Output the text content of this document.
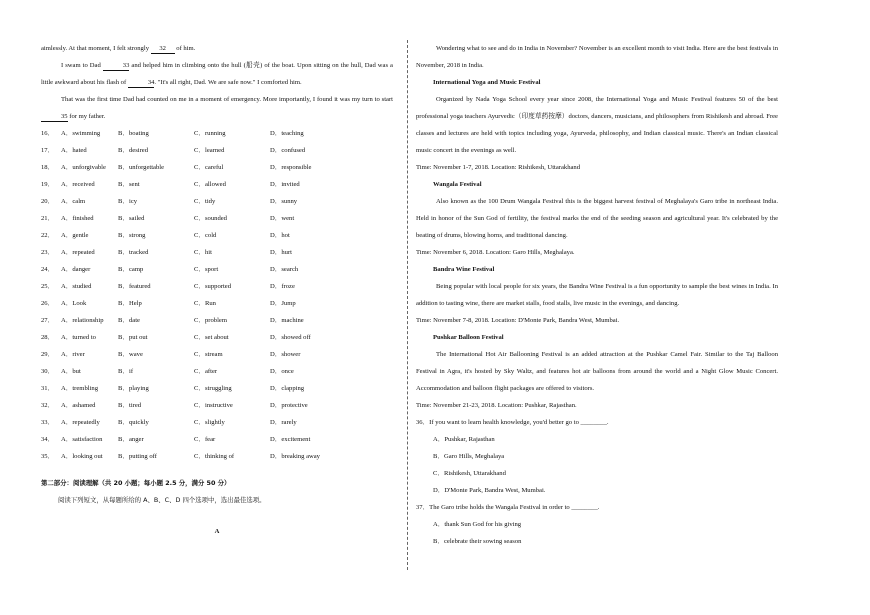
aimlessly. At that moment, I felt strongly 32 of him.

I swam to Dad	33 and helped him in climbing onto the hull (船壳) of the boat. Upon sitting on the hull, Dad was a little awkward about his flash of	34. "It's all right, Dad. We are safe now." I comforted him.

That was the first time Dad had counted on me in a moment of emergency. More importantly, I found it was my turn to start 35 for my father.

16．	A．swimming	B．boating	C．running	D．teaching
17．	A．hated	B．desired	C．learned	D．confused
18．	A．unforgivable	B．unforgettable	C．careful	D．responsible
19．	A．received	B．sent	C．allowed	D．invited
20．	A．calm	B．icy	C．tidy	D．sunny
21．	A．finished	B．sailed	C．sounded	D．went
22．	A．gentle	B．strong	C．cold	D．hot
23．	A．repeated	B．tracked	C．hit	D．hurt
24．	A．danger	B．camp	C．sport	D．search
25．	A．studied	B．featured	C．supported	D．froze
26．	A．Look	B．Help	C．Run	D．Jump
27．	A．relationship	B．date	C．problem	D．machine
28．	A．turned to	B．put out	C．set about	D．showed off
29．	A．river	B．wave	C．stream	D．shower
30．	A．but	B．if	C．after	D．once
31．	A．trembling	B．playing	C．struggling	D．clapping
32．	A．ashamed	B．tired	C．instructive	D．protective
33．	A．repeatedly	B．quickly	C．slightly	D．rarely
34．	A．satisfaction	B．anger	C．fear	D．excitement
35．	A．looking out	B．putting off	C．thinking of	D．breaking away
第二部分：阅读理解（共 20 小题；每小题 2.5 分，满分 50 分）
阅读下列短文，从每题所给的 A、B、C、D 四个选项中，选出最佳选项。
A

Wondering what to see and do in India in November? November is an excellent month to visit India. Here are the best festivals in November, 2018 in India.

International Yoga and Music Festival

Organized by Nada Yoga School every year since 2008, the International Yoga and Music Festival features 50 of the best professional yoga teachers Ayurvedic（印度草药按摩）doctors, dancers, musicians, and philosophers from Rishikesh and abroad. Free classes and lectures are held with topics including yoga, Ayurveda, philosophy, and Indian classical music. There's an Indian classical music concert in the evenings as well.

Time: November 1-7, 2018. Location: Rishikesh, Uttarakhand
Wangala Festival

Also known as the 100 Drum Wangala Festival this is the biggest harvest festival of Meghalaya's Garo tribe in northeast India. Held in honor of the Sun God of fertility, the festival marks the end of the seeding season and agricultural year. It's celebrated by the beating of drums, blowing horns, and traditional dancing.

Time: November 6, 2018. Location: Garo Hills, Meghalaya.
Bandra Wine Festival

Being popular with local people for six years, the Bandra Wine Festival is a fun opportunity to sample the best wines in India. In addition to tasting wine, there are market stalls, food stalls, live music in the evenings, and dancing.

Time: November 7-8, 2018. Location: D'Monte Park, Bandra West, Mumbai.
Pushkar Balloon Festival

The International Hot Air Ballooning Festival is an added attraction at the Pushkar Camel Fair. Similar to the Taj Balloon Festival in Agra, it's hosted by Sky Waltz, and features hot air balloons from around the world and a Night Glow Music Concert. Accommodation and balloon flight packages are offered to visitors.

Time: November 21-23, 2018. Location: Pushkar, Rajasthan.
36．If you want to learn health knowledge, you'd better go to ________.
A．Pushkar, Rajasthan
B．Garo Hills, Meghalaya
C．Rishikesh, Uttarakhand
D．D'Monte Park, Bandra West, Mumbai.
37．The Garo tribe holds the Wangala Festival in order to ________.
A．thank Sun God for his giving
B．celebrate their sowing season
